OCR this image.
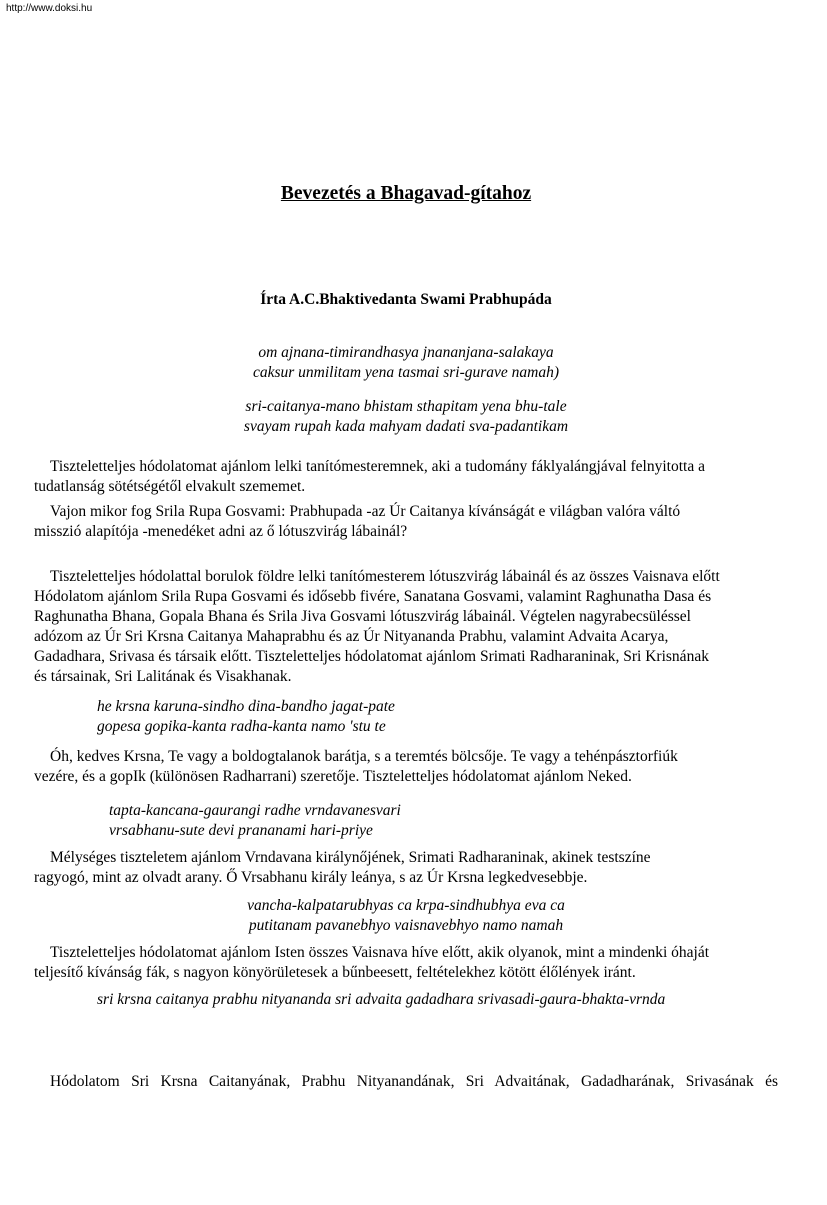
http://www.doksi.hu
Bevezetés a Bhagavad-gítahoz
Írta A.C.Bhaktivedanta Swami Prabhupáda
om ajnana-timirandhasya jnananjana-salakaya
caksur unmilitam yena tasmai sri-gurave namah)
sri-caitanya-mano bhistam sthapitam yena bhu-tale
svayam rupah kada mahyam dadati sva-padantikam
Tiszteletteljes hódolatomat ajánlom lelki tanítómesteremnek, aki a tudomány fáklyalángjával felnyitotta a
tudatlanság sötétségétől elvakult szememet.
Vajon mikor fog Srila Rupa Gosvami: Prabhupada -az Úr Caitanya kívánságát e világban valóra váltó
misszió alapítója -menedéket adni az ő lótuszvirág lábainál?
Tiszteletteljes hódolattal borulok földre lelki tanítómesterem lótuszvirág lábainál és az összes Vaisnava előtt
Hódolatom ajánlom Srila Rupa Gosvami és idősebb fivére, Sanatana Gosvami, valamint Raghunatha Dasa és
Raghunatha Bhana, Gopala Bhana és Srila Jiva Gosvami lótuszvirág lábainál. Végtelen nagyrabecsüléssel
adózom az Úr Sri Krsna Caitanya Mahaprabhu és az Úr Nityananda Prabhu, valamint Advaita Acarya,
Gadadhara, Srivasa és társaik előtt. Tiszteletteljes hódolatomat ajánlom Srimati Radharaninak, Sri Krisnának
és társainak, Sri Lalitának és Visakhanak.
he krsna karuna-sindho dina-bandho jagat-pate
gopesa gopika-kanta radha-kanta namo 'stu te
Óh, kedves Krsna, Te vagy a boldogtalanok barátja, s a teremtés bölcsője. Te vagy a tehénpásztorfiúk
vezére, és a gopIk (különösen Radharrani) szeretője. Tiszteletteljes hódolatomat ajánlom Neked.
tapta-kancana-gaurangi radhe vrndavanesvari
vrsabhanu-sute devi prananami hari-priye
Mélységes tiszteletem ajánlom Vrndavana királynőjének, Srimati Radharaninak, akinek testszíne
ragyogó, mint az olvadt arany. Ő Vrsabhanu király leánya, s az Úr Krsna legkedvesebbje.
vancha-kalpatarubhyas ca krpa-sindhubhya eva ca
putitanam pavanebhyo vaisnavebhyo namo namah
Tiszteletteljes hódolatomat ajánlom Isten összes Vaisnava híve előtt, akik olyanok, mint a mindenki óhaját
teljesítő kívánság fák, s nagyon könyörületesek a bűnbeesett, feltételekhez kötött élőlények iránt.
sri krsna caitanya prabhu nityananda sri advaita gadadhara srivasadi-gaura-bhakta-vrnda
Hódolatom Sri Krsna Caitanyának, Prabhu Nityanandának, Sri Advaitának, Gadadharának, Srivasának és
